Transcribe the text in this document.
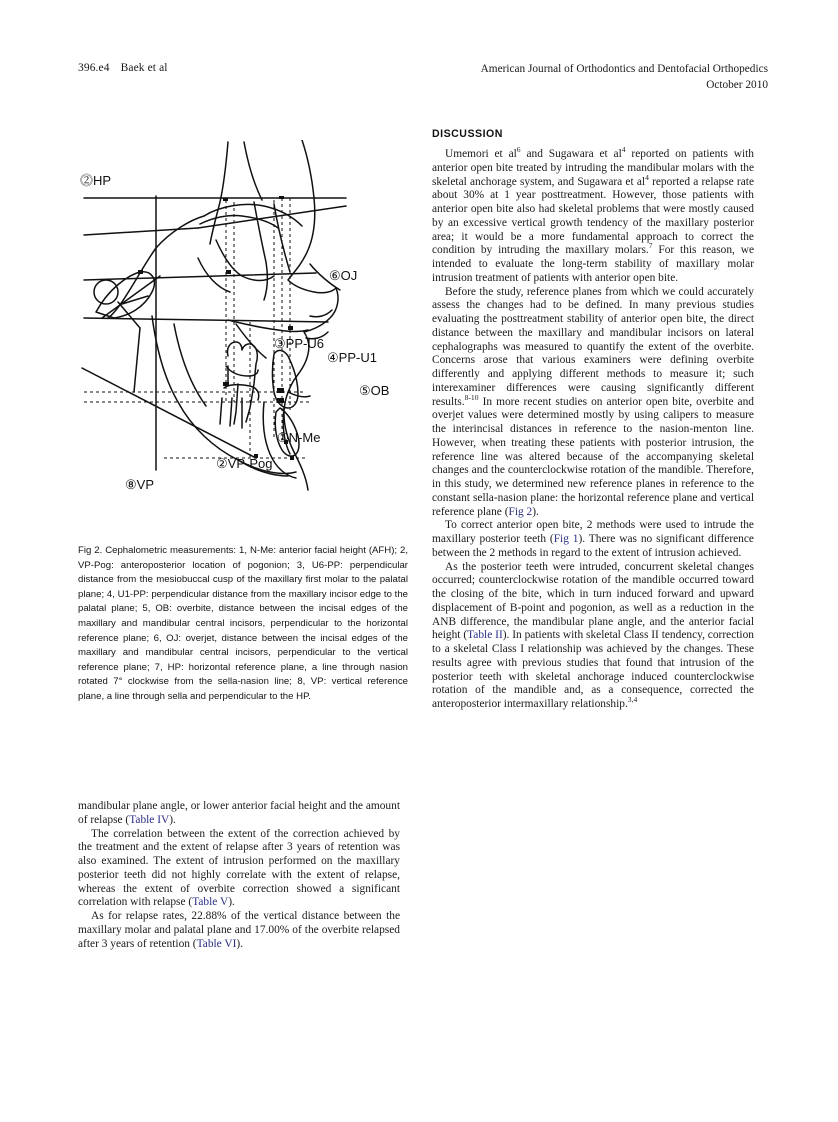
396.e4 Baek et al	American Journal of Orthodontics and Dentofacial Orthopedics
October 2010
⓶HP
⑥OJ
③PP-U6
④PP-U1
⑤OB
①N-Me
②VP-Pog
⑧VP
Fig 2. Cephalometric measurements: 1, N-Me: anterior facial height (AFH); 2, VP-Pog: anteroposterior location of pogonion; 3, U6-PP: perpendicular distance from the mesiobuccal cusp of the maxillary first molar to the palatal plane; 4, U1-PP: perpendicular distance from the maxillary incisor edge to the palatal plane; 5, OB: overbite, distance between the incisal edges of the maxillary and mandibular central incisors, perpendicular to the horizontal reference plane; 6, OJ: overjet, distance between the incisal edges of the maxillary and mandibular central incisors, perpendicular to the vertical reference plane; 7, HP: horizontal reference plane, a line through nasion rotated 7° clockwise from the sella-nasion line; 8, VP: vertical reference plane, a line through sella and perpendicular to the HP.

mandibular plane angle, or lower anterior facial height and the amount of relapse (Table IV).

The correlation between the extent of the correction achieved by the treatment and the extent of relapse after 3 years of retention was also examined. The extent of intrusion performed on the maxillary posterior teeth did not highly correlate with the extent of relapse, whereas the extent of overbite correction showed a significant correlation with relapse (Table V).

As for relapse rates, 22.88% of the vertical distance between the maxillary molar and palatal plane and 17.00% of the overbite relapsed after 3 years of retention (Table VI).

DISCUSSION

Umemori et $al^6$ and Sugawara et $al^4$ reported on patients with anterior open bite treated by intruding the mandibular molars with the skeletal anchorage system, and Sugawara et $al^4$ reported a relapse rate about 30% at 1 year posttreatment. However, those patients with anterior open bite also had skeletal problems that were mostly caused by an excessive vertical growth tendency of the maxillary posterior area; it would be a more fundamental approach to correct the condition by intruding the maxillary molars.$^7$ For this reason, we intended to evaluate the long-term stability of maxillary molar intrusion treatment of patients with anterior open bite.

Before the study, reference planes from which we could accurately assess the changes had to be defined. In many previous studies evaluating the posttreatment stability of anterior open bite, the direct distance between the maxillary and mandibular incisors on lateral cephalographs was measured to quantify the extent of the overbite. Concerns arose that various examiners were defining overbite differently and applying different methods to measure it; such interexaminer differences were causing significantly different results.$^{8-10}$ In more recent studies on anterior open bite, overbite and overjet values were determined mostly by using calipers to measure the interincisal distances in reference to the nasion-menton line. However, when treating these patients with posterior intrusion, the reference line was altered because of the accompanying skeletal changes and the counterclockwise rotation of the mandible. Therefore, in this study, we determined new reference planes in reference to the constant sella-nasion plane: the horizontal reference plane and vertical reference plane (Fig 2).

To correct anterior open bite, 2 methods were used to intrude the maxillary posterior teeth (Fig 1). There was no significant difference between the 2 methods in regard to the extent of intrusion achieved.

As the posterior teeth were intruded, concurrent skeletal changes occurred; counterclockwise rotation of the mandible occurred toward the closing of the bite, which in turn induced forward and upward displacement of B-point and pogonion, as well as a reduction in the ANB difference, the mandibular plane angle, and the anterior facial height (Table II). In patients with skeletal Class II tendency, correction to a skeletal Class I relationship was achieved by the changes. These results agree with previous studies that found that intrusion of the posterior teeth with skeletal anchorage induced counterclockwise rotation of the mandible and, as a consequence, corrected the anteroposterior intermaxillary relationship.$^{3,4}$
